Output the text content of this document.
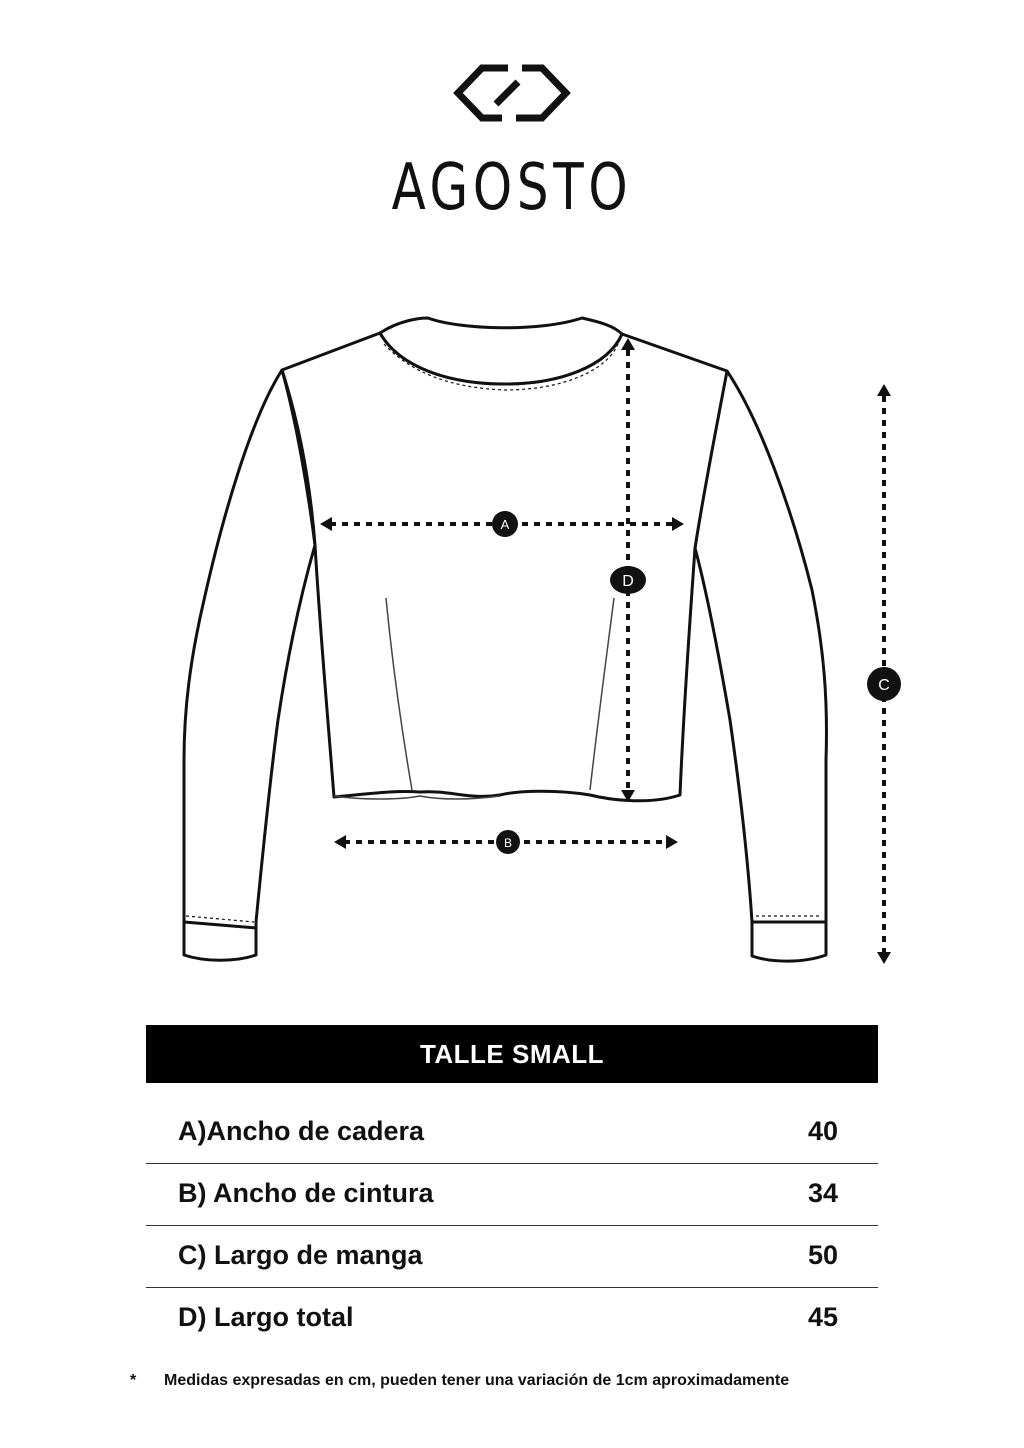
AGOSTO
A
B
C
D
TALLE SMALL
A)Ancho de cadera	40
B) Ancho de cintura	34
C) Largo de manga	50
D) Largo total	45
* Medidas expresadas en cm, pueden tener una variación de 1cm aproximadamente
